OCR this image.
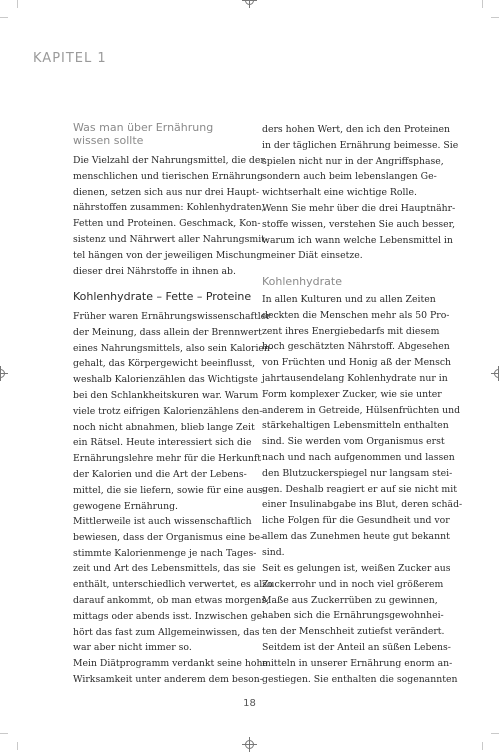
KAPITEL 1
Was man über Ernährung
wissen sollte
Die Vielzahl der Nahrungsmittel, die der
menschlichen und tierischen Ernährung
dienen, setzen sich aus nur drei Haupt-
nährstoffen zusammen: Kohlenhydraten,
Fetten und Proteinen. Geschmack, Kon-
sistenz und Nährwert aller Nahrungsmit-
tel hängen von der jeweiligen Mischung
dieser drei Nährstoffe in ihnen ab.
Kohlenhydrate – Fette – Proteine
Früher waren Ernährungswissenschaftler
der Meinung, dass allein der Brennwert
eines Nahrungsmittels, also sein Kalorien-
gehalt, das Körpergewicht beeinflusst,
weshalb Kalorienzählen das Wichtigste
bei den Schlankheitskuren war. Warum
viele trotz eifrigen Kalorienzählens den-
noch nicht abnahmen, blieb lange Zeit
ein Rätsel. Heute interessiert sich die
Ernährungslehre mehr für die Herkunft
der Kalorien und die Art der Lebens-
mittel, die sie liefern, sowie für eine aus-
gewogene Ernährung.
Mittlerweile ist auch wissenschaftlich
bewiesen, dass der Organismus eine be-
stimmte Kalorienmenge je nach Tages-
zeit und Art des Lebensmittels, das sie
enthält, unterschiedlich verwertet, es also
darauf ankommt, ob man etwas morgens,
mittags oder abends isst. Inzwischen ge-
hört das fast zum Allgemeinwissen, das
war aber nicht immer so.
Mein Diätprogramm verdankt seine hohe
Wirksamkeit unter anderem dem beson-
ders hohen Wert, den ich den Proteinen
in der täglichen Ernährung beimesse. Sie
spielen nicht nur in der Angriffsphase,
sondern auch beim lebenslangen Ge-
wichtserhalt eine wichtige Rolle.
Wenn Sie mehr über die drei Hauptnähr-
stoffe wissen, verstehen Sie auch besser,
warum ich wann welche Lebensmittel in
meiner Diät einsetze.
Kohlenhydrate
In allen Kulturen und zu allen Zeiten
deckten die Menschen mehr als 50 Pro-
zent ihres Energiebedarfs mit diesem
hoch geschätzten Nährstoff. Abgesehen
von Früchten und Honig aß der Mensch
jahrtausendelang Kohlenhydrate nur in
Form komplexer Zucker, wie sie unter
anderem in Getreide, Hülsenfrüchten und
stärkehaltigen Lebensmitteln enthalten
sind. Sie werden vom Organismus erst
nach und nach aufgenommen und lassen
den Blutzuckerspiegel nur langsam stei-
gen. Deshalb reagiert er auf sie nicht mit
einer Insulinabgabe ins Blut, deren schäd-
liche Folgen für die Gesundheit und vor
allem das Zunehmen heute gut bekannt
sind.
Seit es gelungen ist, weißen Zucker aus
Zuckerrohr und in noch viel größerem
Maße aus Zuckerrüben zu gewinnen,
haben sich die Ernährungsgewohnhei-
ten der Menschheit zutiefst verändert.
Seitdem ist der Anteil an süßen Lebens-
mitteln in unserer Ernährung enorm an-
gestiegen. Sie enthalten die sogenannten
18
